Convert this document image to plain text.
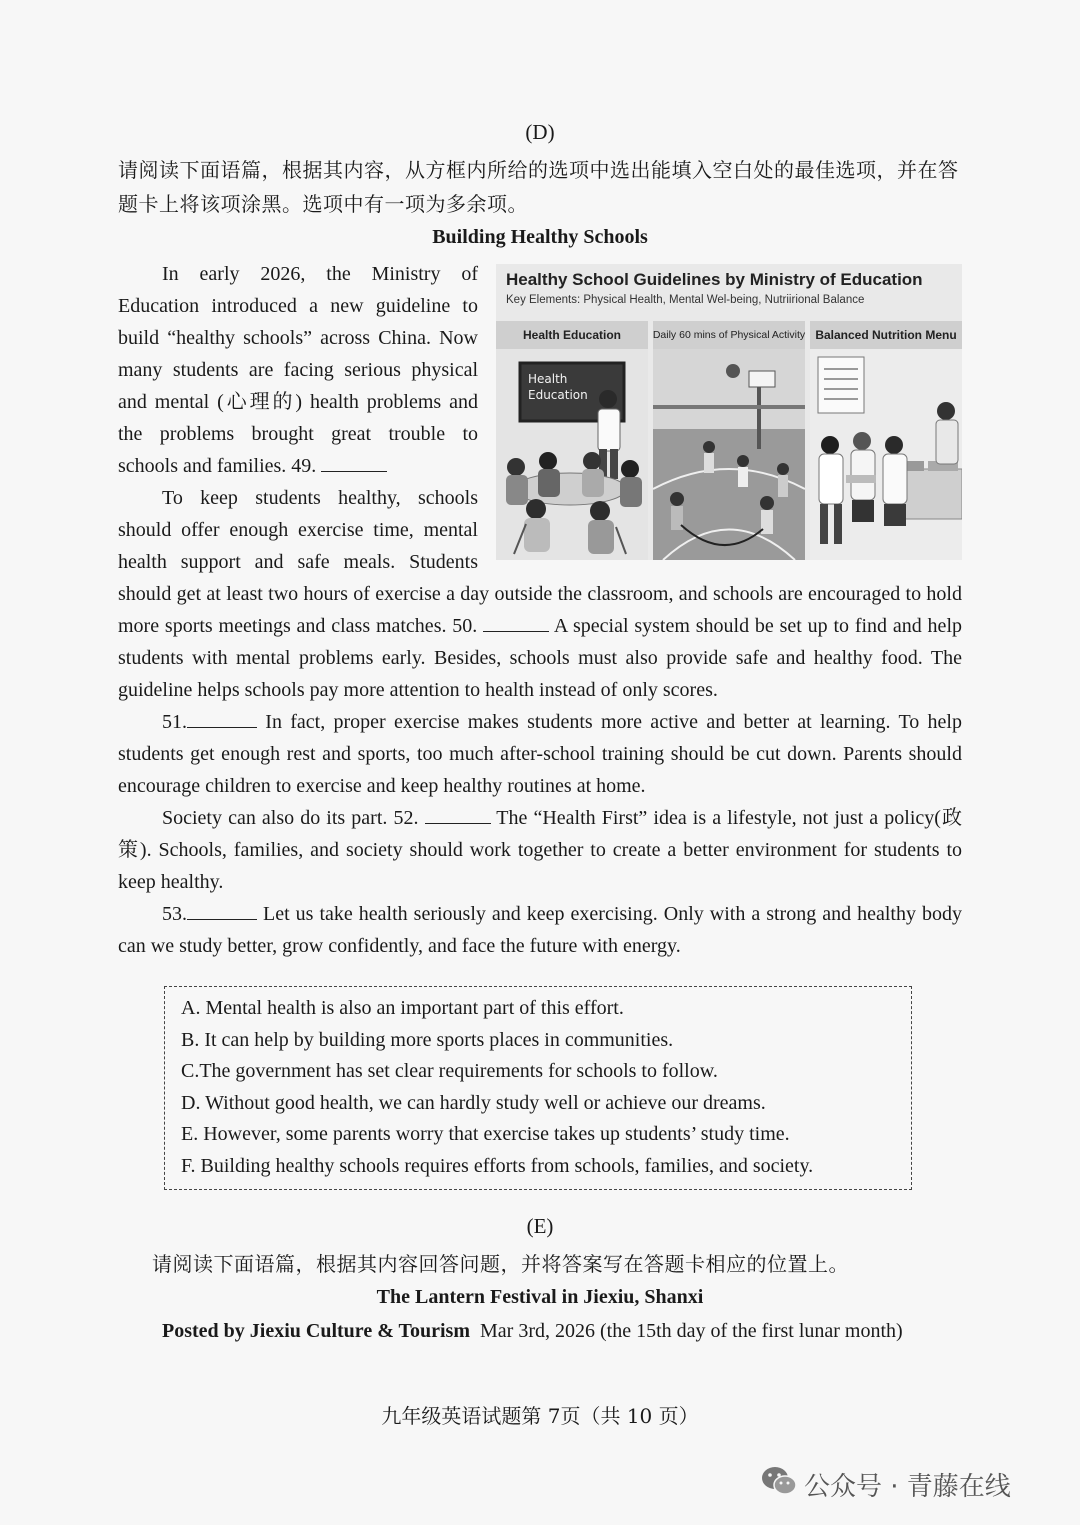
(D)
请阅读下面语篇，根据其内容，从方框内所给的选项中选出能填入空白处的最佳选项，并在答题卡上将该项涂黑。选项中有一项为多余项。
Building Healthy Schools
Healthy School Guidelines by Ministry of Education
Key Elements: Physical Health, Mental Wel-being, Nutriirional Balance
Health Education	Daily 60 mins of Physical Activity Balanced Nutrition Menu
Health
Education

In early 2026, the Ministry of Education introduced a new guideline to build “healthy schools” across China. Now many students are facing serious physical and mental (心理的) health problems and the problems brought great trouble to schools and families. 49.

To keep students healthy, schools should offer enough exercise time, mental health support and safe meals. Students should get at least two hours of exercise a day outside the classroom, and schools are encouraged to hold more sports meetings and class matches. 50.	A special system should be set up to find and help students with mental problems early. Besides, schools must also provide safe and healthy food. The guideline helps schools pay more attention to health instead of only scores.

51.	In fact, proper exercise makes students more active and better at learning. To help students get enough rest and sports, too much after-school training should be cut down. Parents should encourage children to exercise and keep healthy routines at home.

Society can also do its part. 52.	The “Health First” idea is a lifestyle, not just a policy(政策). Schools, families, and society should work together to create a better environment for students to keep healthy.

53.	Let us take health seriously and keep exercising. Only with a strong and healthy body can we study better, grow confidently, and face the future with energy.

A. Mental health is also an important part of this effort.
B. It can help by building more sports places in communities.
C.The government has set clear requirements for schools to follow.
D. Without good health, we can hardly study well or achieve our dreams.
E. However, some parents worry that exercise takes up students’ study time.
F. Building healthy schools requires efforts from schools, families, and society.
(E)
请阅读下面语篇，根据其内容回答问题，并将答案写在答题卡相应的位置上。
The Lantern Festival in Jiexiu, Shanxi
Posted by Jiexiu Culture & Tourism Mar 3rd, 2026 (the 15th day of the first lunar month)
九年级英语试题第 7页（共 10 页）
公众号 · 青藤在线
